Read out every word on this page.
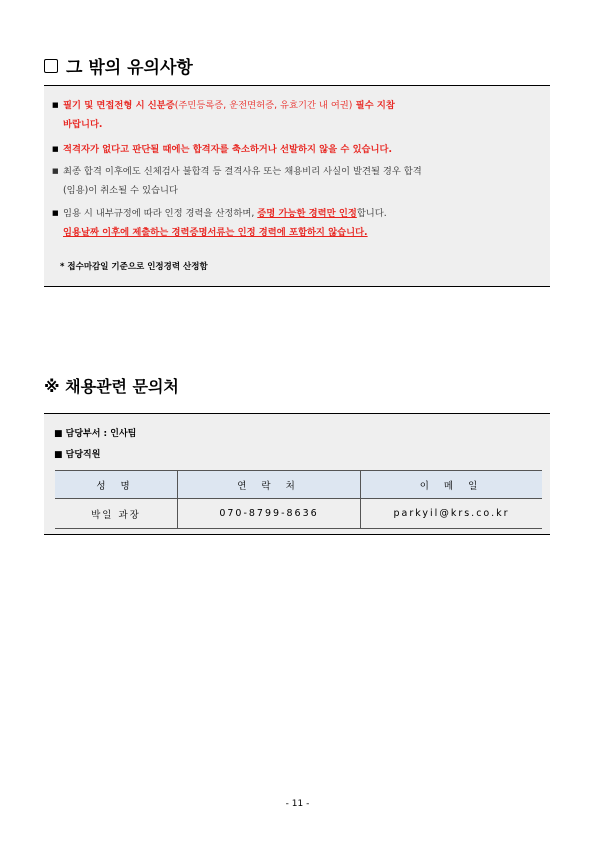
그 밖의 유의사항
■ 필기 및 면접전형 시 신분증(주민등록증, 운전면허증, 유효기간 내 여권) 필수 지참
바랍니다.
■ 적격자가 없다고 판단될 때에는 합격자를 축소하거나 선발하지 않을 수 있습니다.
■ 최종 합격 이후에도 신체검사 불합격 등 결격사유 또는 채용비리 사실이 발견될 경우 합격
(임용)이 취소될 수 있습니다
■ 임용 시 내부규정에 따라 인정 경력을 산정하며, 증명 가능한 경력만 인정합니다.
임용날짜 이후에 제출하는 경력증명서류는 인정 경력에 포함하지 않습니다.
* 접수마감일 기준으로 인정경력 산정함
※ 채용관련 문의처
■ 담당부서 : 인사팀
■ 담당직원
성 명	연 락 처	이 메 일
박일 과장	070-8799-8636	parkyil@krs.co.kr
- 11 -
